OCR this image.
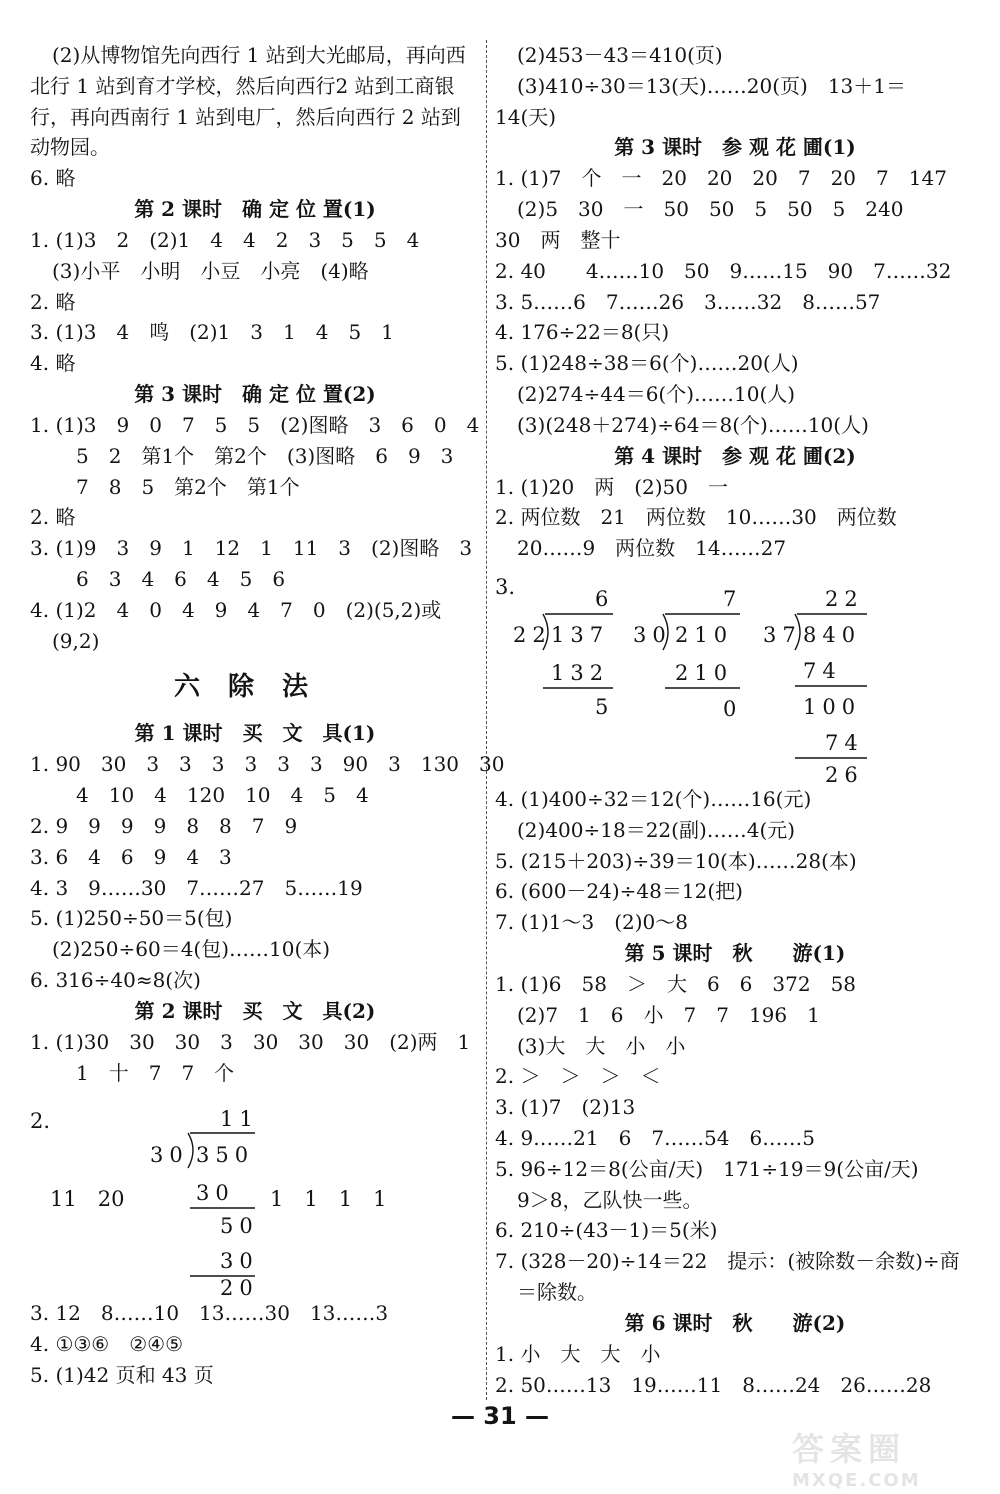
(2)从博物馆先向西行 1 站到大光邮局，再向西
北行 1 站到育才学校，然后向西行2 站到工商银
行，再向西南行 1 站到电厂，然后向西行 2 站到
动物园。
6. 略
第 2 课时　确 定 位 置(1)
1. (1)3　2　(2)1　4　4　2　3　5　5　4
(3)小平　小明　小豆　小亮　(4)略
2. 略
3. (1)3　4　鸣　(2)1　3　1　4　5　1
4. 略
第 3 课时　确 定 位 置(2)
1. (1)3　9　0　7　5　5　(2)图略　3　6　0　4
5　2　第1个　第2个　(3)图略　6　9　3
7　8　5　第2个　第1个
2. 略
3. (1)9　3　9　1　12　1　11　3　(2)图略　3
6　3　4　6　4　5　6
4. (1)2　4　0　4　9　4　7　0　(2)(5,2)或
(9,2)
六除法
第 1 课时　买　文　具(1)
1. 90　30　3　3　3　3　3　3　90　3　130　30
4　10　4　120　10　4　5　4
2. 9　9　9　9　8　8　7　9
3. 6　4　6　9　4　3
4. 3　9……30　7……27　5……19
5. (1)250÷50＝5(包)
(2)250÷60＝4(包)……10(本)
6. 316÷40≈8(次)
第 2 课时　买　文　具(2)
1. (1)30　30　30　3　30　30　30　(2)两　1
1　十　7　7　个
2.
11　20	1　1　1　1
11
30 350
30
50
30
20
3. 12　8……10　13……30　13……3
4. ①③⑥　②④⑤
5. (1)42 页和 43 页
(2)453－43＝410(页)
(3)410÷30＝13(天)……20(页)　13＋1＝
14(天)
第 3 课时　参 观 花 圃(1)
1. (1)7　个　一　20　20　20　7　20　7　147
(2)5　30　一　50　50　5　50　5　240
30　两　整十
2. 40　　4……10　50　9……15　90　7……32
3. 5……6　7……26　3……32　8……57
4. 176÷22＝8(只)
5. (1)248÷38＝6(个)……20(人)
(2)274÷44＝6(个)……10(人)
(3)(248＋274)÷64＝8(个)……10(人)
第 4 课时　参 观 花 圃(2)
1. (1)20　两　(2)50　一
2. 两位数　21　两位数　10……30　两位数
20……9　两位数　14……27
3.	6
22 137
132
5
7
30 210
210
0
22
37 840
74
100
74
26
4. (1)400÷32＝12(个)……16(元)
(2)400÷18＝22(副)……4(元)
5. (215＋203)÷39＝10(本)……28(本)
6. (600－24)÷48＝12(把)
7. (1)1～3　(2)0～8
第 5 课时　秋　　游(1)
1. (1)6　58　＞　大　6　6　372　58
(2)7　1　6　小　7　7　196　1
(3)大　大　小　小
2. ＞　＞　＞　＜
3. (1)7　(2)13
4. 9……21　6　7……54　6……5
5. 96÷12＝8(公亩/天)　171÷19＝9(公亩/天)
9＞8，乙队快一些。
6. 210÷(43－1)＝5(米)
7. (328－20)÷14＝22　提示：(被除数－余数)÷商
＝除数。
第 6 课时　秋　　游(2)
1. 小　大　大　小
2. 50……13　19……11　8……24　26……28
— 31 —
答案圈
MXQE.COM
